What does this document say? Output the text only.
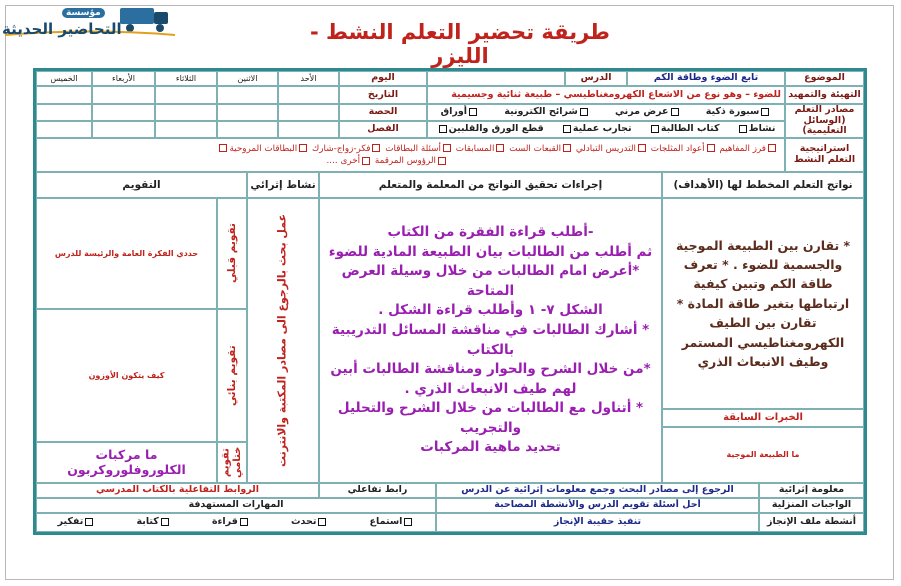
مؤسسة
التحاضير الحديثة	طريقة تحضير التعلم النشط - الليزر
الموضوع
تابع الضوء وطاقة الكم
الدرس
اليوم
الأحد
الاثنين
الثلاثاء
الأربعاء
الخميس
التهيئة والتمهيد
للضوء – وهو نوع من الاشعاع الكهرومغناطيسي – طبيعة ثنائية وجسيمية
التاريخ
مصادر التعلم (الوسائل التعليمية)
سبورة ذكية
عرض مرني
شرائح الكترونية
أوراق
نشاط
كتاب الطالبة
تجارب عملية
قطع الورق والقلبين
الحصة
الفصل
استراتيجية التعلم النشط
فرز المفاهيم أعواد المثلجات التدريس التبادلي القبعات الست المسابقات أسئلة البطاقات فكر-زواج-شارك البطاقات المروحية
الرؤوس المرقمة أخرى ....
نواتج التعلم المخطط لها (الأهداف)
إجراءات تحقيق النواتج من المعلمة والمتعلم
نشاط إثرائي
التقويم
* تقارن بين الطبيعة الموجية والجسمية للضوء . * تعرف طاقة الكم وتبين كيفية ارتباطها بتغير طاقة المادة * تقارن بين الطيف الكهرومغناطيسي المستمر وطيف الانبعاث الذري
الخبرات السابقة
ما الطبيعة الموجية
-أطلب قراءة الفقرة من الكتاب
ثم أطلب من الطالبات بيان الطبيعة المادية للضوء
*أعرض امام الطالبات من خلال وسيلة العرض المتاحة
الشكل ٧- ١ وأطلب قراءة الشكل .
* أشارك الطالبات في مناقشة المسائل التدريبية بالكتاب
*من خلال الشرح والحوار ومناقشة الطالبات أبين لهم طيف الانبعاث الذري .
* أتناول مع الطالبات من خلال الشرح والتحليل والتجريب
تحديد ماهية المركبات
عمل بحث بالرجوع الى مصادر المكتبة والانترنت
تقويم قبلي
حددي الفكرة العامة والرئيسة للدرس
تقويم بنائي
كيف يتكون الأوزون
تقويم ختامي
ما مركبات الكلوروفلوروكربون
معلومة إثرائية
الرجوع إلى مصادر البحث وجمع معلومات إثرائية عن الدرس
رابط تفاعلي
الروابط التفاعلية بالكتاب المدرسي
الواجبات المنزلية
أحل أسئلة تقويم الدرس والأنشطة المصاحبة
المهارات المستهدفة
أنشطة ملف الإنجاز
تنفيذ حقيبة الإنجاز
استماع
تحدث
قراءة
كتابة
تفكير
